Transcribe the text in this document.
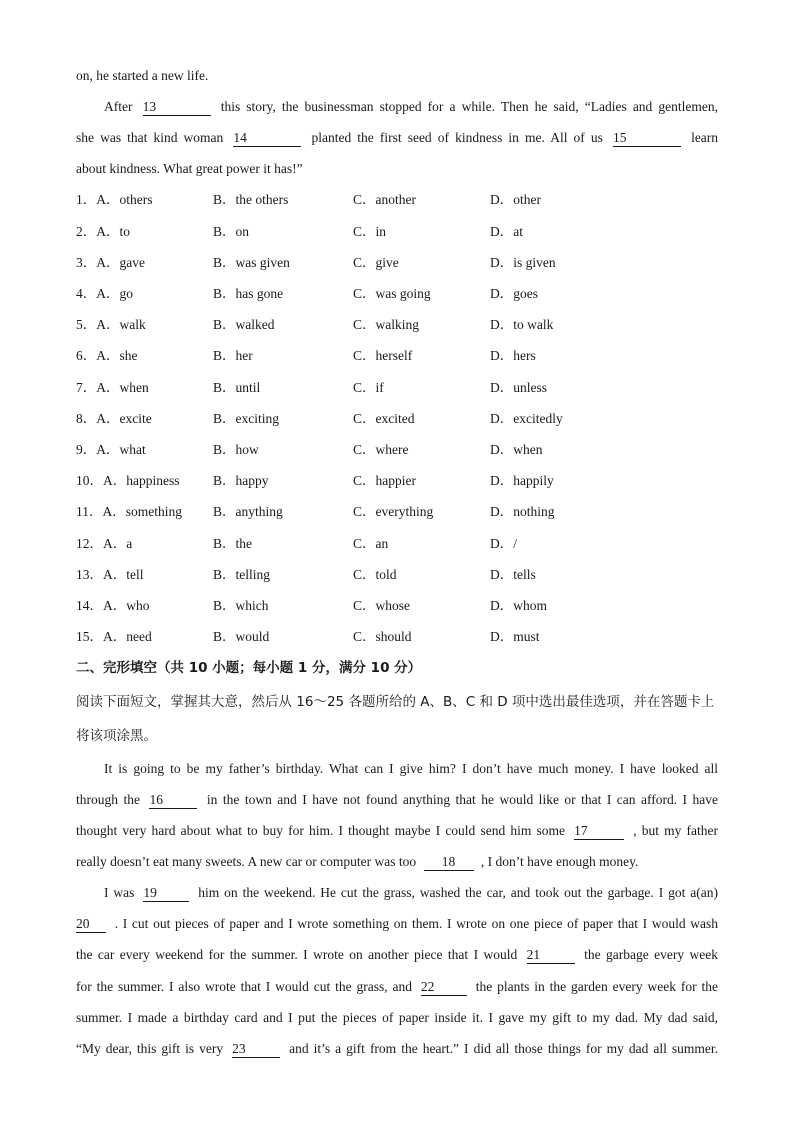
on, he started a new life.
After 13	this story, the businessman stopped for a while. Then he said, “Ladies and gentlemen,
she was that kind woman 14	planted the first seed of kindness in me. All of us 15	learn
about kindness. What great power it has!”
1．A．others	B．the others	C．another	D．other
2．A．to	B．on	C．in	D．at
3．A．gave	B．was given	C．give	D．is given
4．A．go	B．has gone	C．was going	D．goes
5．A．walk	B．walked	C．walking	D．to walk
6．A．she	B．her	C．herself	D．hers
7．A．when	B．until	C．if	D．unless
8．A．excite	B．exciting	C．excited	D．excitedly
9．A．what	B．how	C．where	D．when
10．A．happiness B．happy	C．happier	D．happily
11．A．something B．anything	C．everything	D．nothing
12．A．a	B．the	C．an	D．/
13．A．tell	B．telling	C．told	D．tells
14．A．who	B．which	C．whose	D．whom
15．A．need	B．would	C．should	D．must
二、完形填空（共 10 小题；每小题 1 分，满分 10 分）
阅读下面短文，掌握其大意，然后从 16～25 各题所给的 A、B、C 和 D 项中选出最佳选项，并在答题卡上
将该项涂黑。
It is going to be my father’s birthday. What can I give him? I don’t have much money. I have looked all
through the 16	in the town and I have not found anything that he would like or that I can afford. I have
thought very hard about what to buy for him. I thought maybe I could send him some 17	, but my father
really doesn’t eat many sweets. A new car or computer was too 18 , I don’t have enough money.
I was 19	him on the weekend. He cut the grass, washed the car, and took out the garbage. I got a(an)
20 . I cut out pieces of paper and I wrote something on them. I wrote on one piece of paper that I would wash
the car every weekend for the summer. I wrote on another piece that I would 21	the garbage every week
for the summer. I also wrote that I would cut the grass, and 22	the plants in the garden every week for the
summer. I made a birthday card and I put the pieces of paper inside it. I gave my gift to my dad. My dad said,
“My dear, this gift is very 23	and it’s a gift from the heart.” I did all those things for my dad all summer.
